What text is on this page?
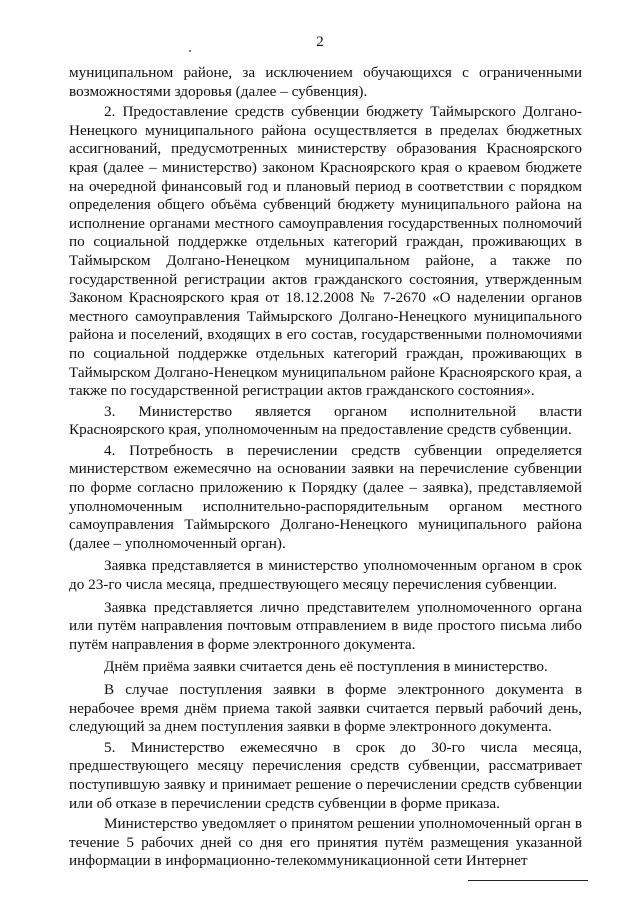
2

муниципальном районе, за исключением обучающихся с ограниченными возможностями здоровья (далее – субвенция).

2. Предоставление средств субвенции бюджету Таймырского Долгано-Ненецкого муниципального района осуществляется в пределах бюджетных ассигнований, предусмотренных министерству образования Красноярского края (далее – министерство) законом Красноярского края о краевом бюджете на очередной финансовый год и плановый период в соответствии с порядком определения общего объёма субвенций бюджету муниципального района на исполнение органами местного самоуправления государственных полномочий по социальной поддержке отдельных категорий граждан, проживающих в Таймырском Долгано-Ненецком муниципальном районе, а также по государственной регистрации актов гражданского состояния, утвержденным Законом Красноярского края от 18.12.2008 № 7-2670 «О наделении органов местного самоуправления Таймырского Долгано-Ненецкого муниципального района и поселений, входящих в его состав, государственными полномочиями по социальной поддержке отдельных категорий граждан, проживающих в Таймырском Долгано-Ненецком муниципальном районе Красноярского края, а также по государственной регистрации актов гражданского состояния».

3. Министерство является органом исполнительной власти Красноярского края, уполномоченным на предоставление средств субвенции.

4. Потребность в перечислении средств субвенции определяется министерством ежемесячно на основании заявки на перечисление субвенции по форме согласно приложению к Порядку (далее – заявка), представляемой уполномоченным исполнительно-распорядительным органом местного самоуправления Таймырского Долгано-Ненецкого муниципального района (далее – уполномоченный орган).

Заявка представляется в министерство уполномоченным органом в срок до 23-го числа месяца, предшествующего месяцу перечисления субвенции.

Заявка представляется лично представителем уполномоченного органа или путём направления почтовым отправлением в виде простого письма либо путём направления в форме электронного документа.

Днём приёма заявки считается день её поступления в министерство.

В случае поступления заявки в форме электронного документа в нерабочее время днём приема такой заявки считается первый рабочий день, следующий за днем поступления заявки в форме электронного документа.

5. Министерство ежемесячно в срок до 30-го числа месяца, предшествующего месяцу перечисления средств субвенции, рассматривает поступившую заявку и принимает решение о перечислении средств субвенции или об отказе в перечислении средств субвенции в форме приказа.

Министерство уведомляет о принятом решении уполномоченный орган в течение 5 рабочих дней со дня его принятия путём размещения указанной информации в информационно-телекоммуникационной сети Интернет
